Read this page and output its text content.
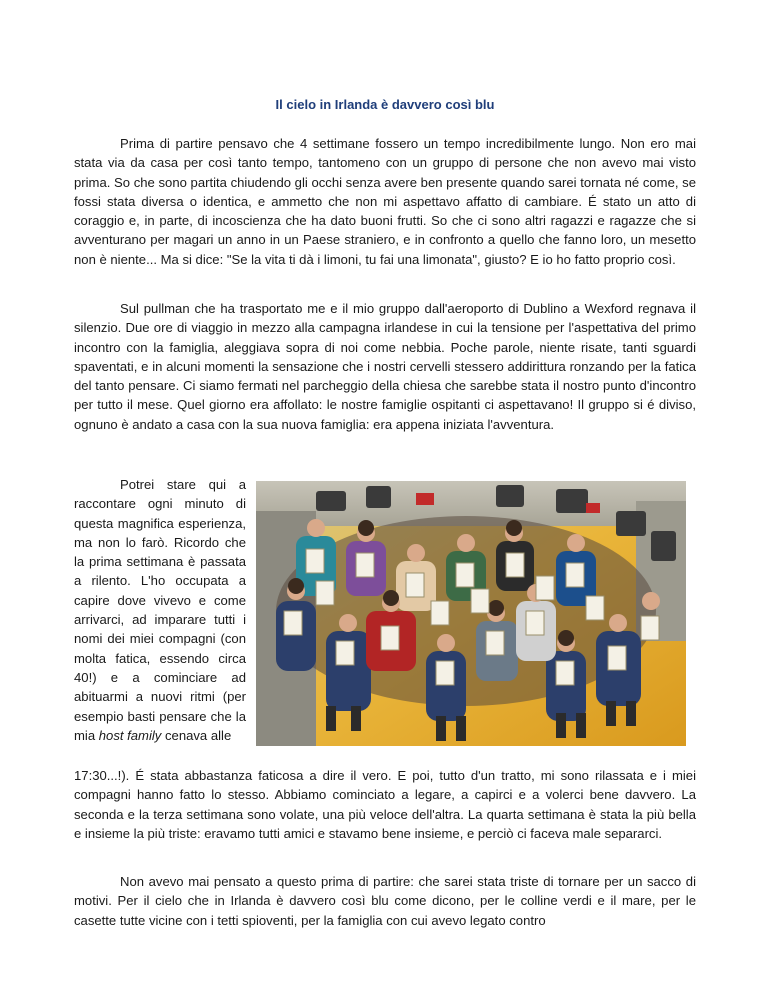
Il cielo in Irlanda è davvero così blu

Prima di partire pensavo che 4 settimane fossero un tempo incredibilmente lungo. Non ero mai stata via da casa per così tanto tempo, tantomeno con un gruppo di persone che non avevo mai visto prima. So che sono partita chiudendo gli occhi senza avere ben presente quando sarei tornata né come, se fossi stata diversa o identica, e ammetto che non mi aspettavo affatto di cambiare. É stato un atto di coraggio e, in parte, di incoscienza che ha dato buoni frutti. So che ci sono altri ragazzi e ragazze che si avventurano per magari un anno in un Paese straniero, e in confronto a quello che fanno loro, un mesetto non è niente... Ma si dice: "Se la vita ti dà i limoni, tu fai una limonata", giusto? E io ho fatto proprio così.

Sul pullman che ha trasportato me e il mio gruppo dall'aeroporto di Dublino a Wexford regnava il silenzio. Due ore di viaggio in mezzo alla campagna irlandese in cui la tensione per l'aspettativa del primo incontro con la famiglia, aleggiava sopra di noi come nebbia. Poche parole, niente risate, tanti sguardi spaventati, e in alcuni momenti la sensazione che i nostri cervelli stessero addirittura ronzando per la fatica del tanto pensare. Ci siamo fermati nel parcheggio della chiesa che sarebbe stata il nostro punto d'incontro per tutto il mese. Quel giorno era affollato: le nostre famiglie ospitanti ci aspettavano! Il gruppo si é diviso, ognuno è andato a casa con la sua nuova famiglia: era appena iniziata l'avventura.

Potrei stare qui a raccontare ogni minuto di questa magnifica esperienza, ma non lo farò. Ricordo che la prima settimana è passata a rilento. L'ho occupata a capire dove vivevo e come arrivarci, ad imparare tutti i nomi dei miei compagni (con molta fatica, essendo circa 40!) e a cominciare ad abituarmi a nuovi ritmi (per esempio basti pensare che la mia host family cenava alle

17:30...!). É stata abbastanza faticosa a dire il vero. E poi, tutto d'un tratto, mi sono rilassata e i miei compagni hanno fatto lo stesso. Abbiamo cominciato a legare, a capirci e a volerci bene davvero. La seconda e la terza settimana sono volate, una più veloce dell'altra. La quarta settimana è stata la più bella e insieme la più triste: eravamo tutti amici e stavamo bene insieme, e perciò ci faceva male separarci.

Non avevo mai pensato a questo prima di partire: che sarei stata triste di tornare per un sacco di motivi. Per il cielo che in Irlanda è davvero così blu come dicono, per le colline verdi e il mare, per le casette tutte vicine con i tetti spioventi, per la famiglia con cui avevo legato contro
